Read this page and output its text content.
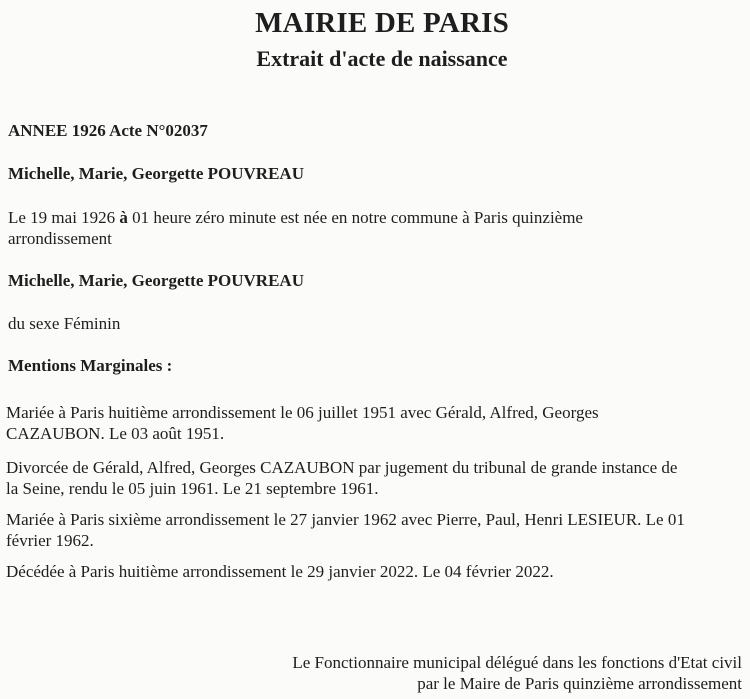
MAIRIE DE PARIS
Extrait d'acte de naissance
ANNEE 1926 Acte N°02037
Michelle, Marie, Georgette POUVREAU
Le 19 mai 1926 à 01 heure zéro minute est née en notre commune à Paris quinzième
arrondissement
Michelle, Marie, Georgette POUVREAU
du sexe Féminin
Mentions Marginales :
Mariée à Paris huitième arrondissement le 06 juillet 1951 avec Gérald, Alfred, Georges
CAZAUBON. Le 03 août 1951.
Divorcée de Gérald, Alfred, Georges CAZAUBON par jugement du tribunal de grande instance de
la Seine, rendu le 05 juin 1961. Le 21 septembre 1961.
Mariée à Paris sixième arrondissement le 27 janvier 1962 avec Pierre, Paul, Henri LESIEUR. Le 01
février 1962.
Décédée à Paris huitième arrondissement le 29 janvier 2022. Le 04 février 2022.
Le Fonctionnaire municipal délégué dans les fonctions d'Etat civil
par le Maire de Paris quinzième arrondissement
